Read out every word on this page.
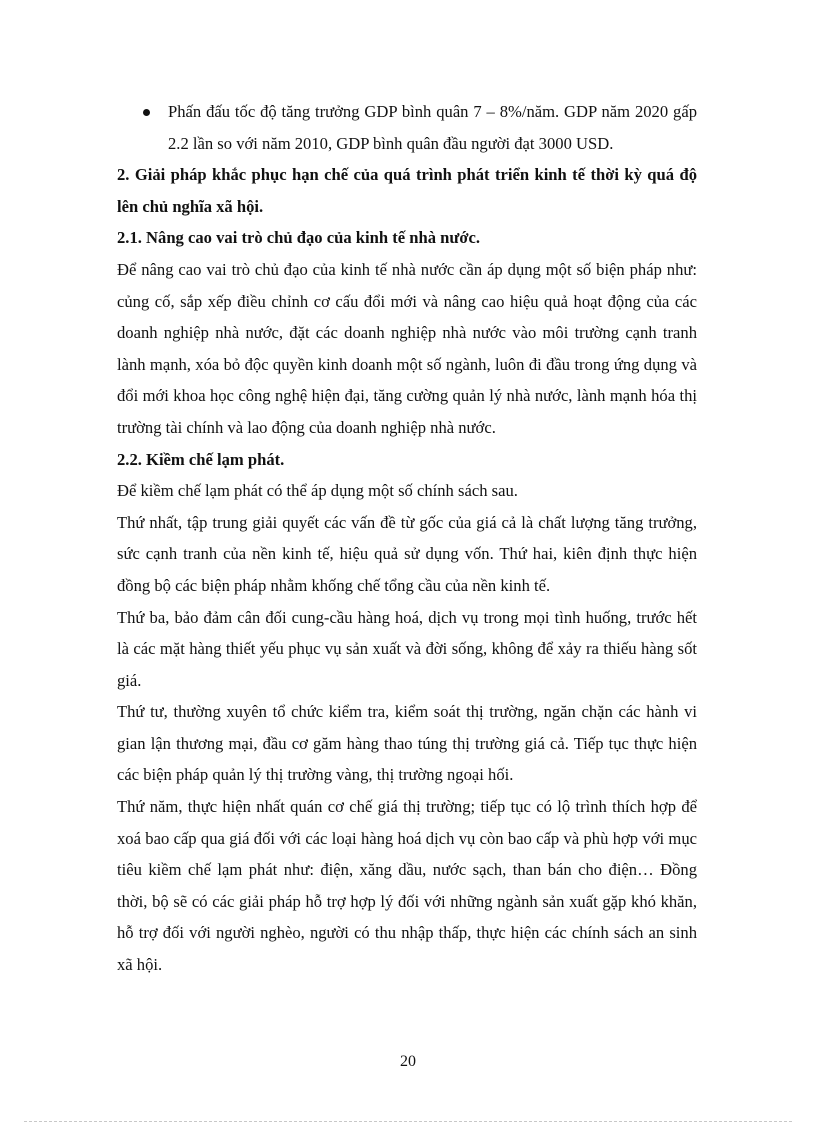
Phấn đấu tốc độ tăng trưởng GDP bình quân 7 – 8%/năm. GDP năm 2020 gấp 2.2 lần so với năm 2010, GDP bình quân đầu người đạt 3000 USD.

2. Giải pháp khắc phục hạn chế của quá trình phát triển kinh tế thời kỳ quá độ lên chủ nghĩa xã hội.

2.1. Nâng cao vai trò chủ đạo của kinh tế nhà nước.

Để nâng cao vai trò chủ đạo của kinh tế nhà nước cần áp dụng một số biện pháp như: củng cố, sắp xếp điều chỉnh cơ cấu đổi mới và nâng cao hiệu quả hoạt động của các doanh nghiệp nhà nước, đặt các doanh nghiệp nhà nước vào môi trường cạnh tranh lành mạnh, xóa bỏ độc quyền kinh doanh một số ngành, luôn đi đầu trong ứng dụng và đổi mới khoa học công nghệ hiện đại, tăng cường quản lý nhà nước, lành mạnh hóa thị trường tài chính và lao động của doanh nghiệp nhà nước.

2.2. Kiềm chế lạm phát.

Để kiềm chế lạm phát có thể áp dụng một số chính sách sau.

Thứ nhất, tập trung giải quyết các vấn đề từ gốc của giá cả là chất lượng tăng trưởng, sức cạnh tranh của nền kinh tế, hiệu quả sử dụng vốn. Thứ hai, kiên định thực hiện đồng bộ các biện pháp nhằm khống chế tổng cầu của nền kinh tế.

Thứ ba, bảo đảm cân đối cung-cầu hàng hoá, dịch vụ trong mọi tình huống, trước hết là các mặt hàng thiết yếu phục vụ sản xuất và đời sống, không để xảy ra thiếu hàng sốt giá.

Thứ tư, thường xuyên tổ chức kiểm tra, kiểm soát thị trường, ngăn chặn các hành vi gian lận thương mại, đầu cơ găm hàng thao túng thị trường giá cả. Tiếp tục thực hiện các biện pháp quản lý thị trường vàng, thị trường ngoại hối.

Thứ năm, thực hiện nhất quán cơ chế giá thị trường; tiếp tục có lộ trình thích hợp để xoá bao cấp qua giá đối với các loại hàng hoá dịch vụ còn bao cấp và phù hợp với mục tiêu kiềm chế lạm phát như: điện, xăng dầu, nước sạch, than bán cho điện… Đồng thời, bộ sẽ có các giải pháp hỗ trợ hợp lý đối với những ngành sản xuất gặp khó khăn, hỗ trợ đối với người nghèo, người có thu nhập thấp, thực hiện các chính sách an sinh xã hội.

20
